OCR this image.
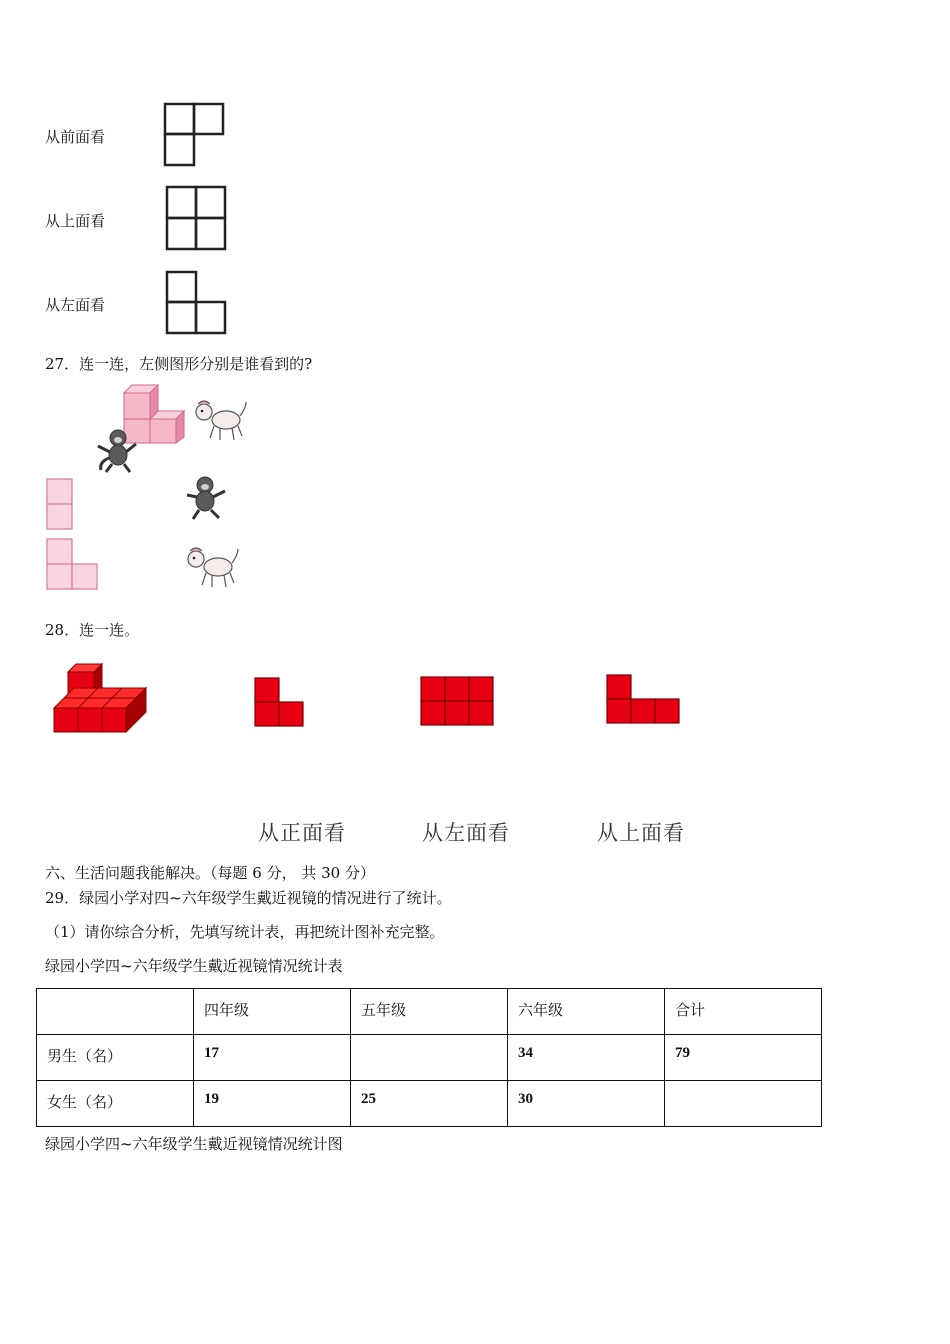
从前面看
从上面看
从左面看
27．连一连，左侧图形分别是谁看到的?
28．连一连。
从正面看	从左面看	从上面看
六、生活问题我能解决。（每题 6 分， 共 30 分）
29．绿园小学对四~六年级学生戴近视镜的情况进行了统计。
（1）请你综合分析，先填写统计表，再把统计图补充完整。
绿园小学四~六年级学生戴近视镜情况统计表
	四年级	五年级	六年级	合计
男生（名）	17		34	79
女生（名）	19	25	30	
绿园小学四~六年级学生戴近视镜情况统计图
